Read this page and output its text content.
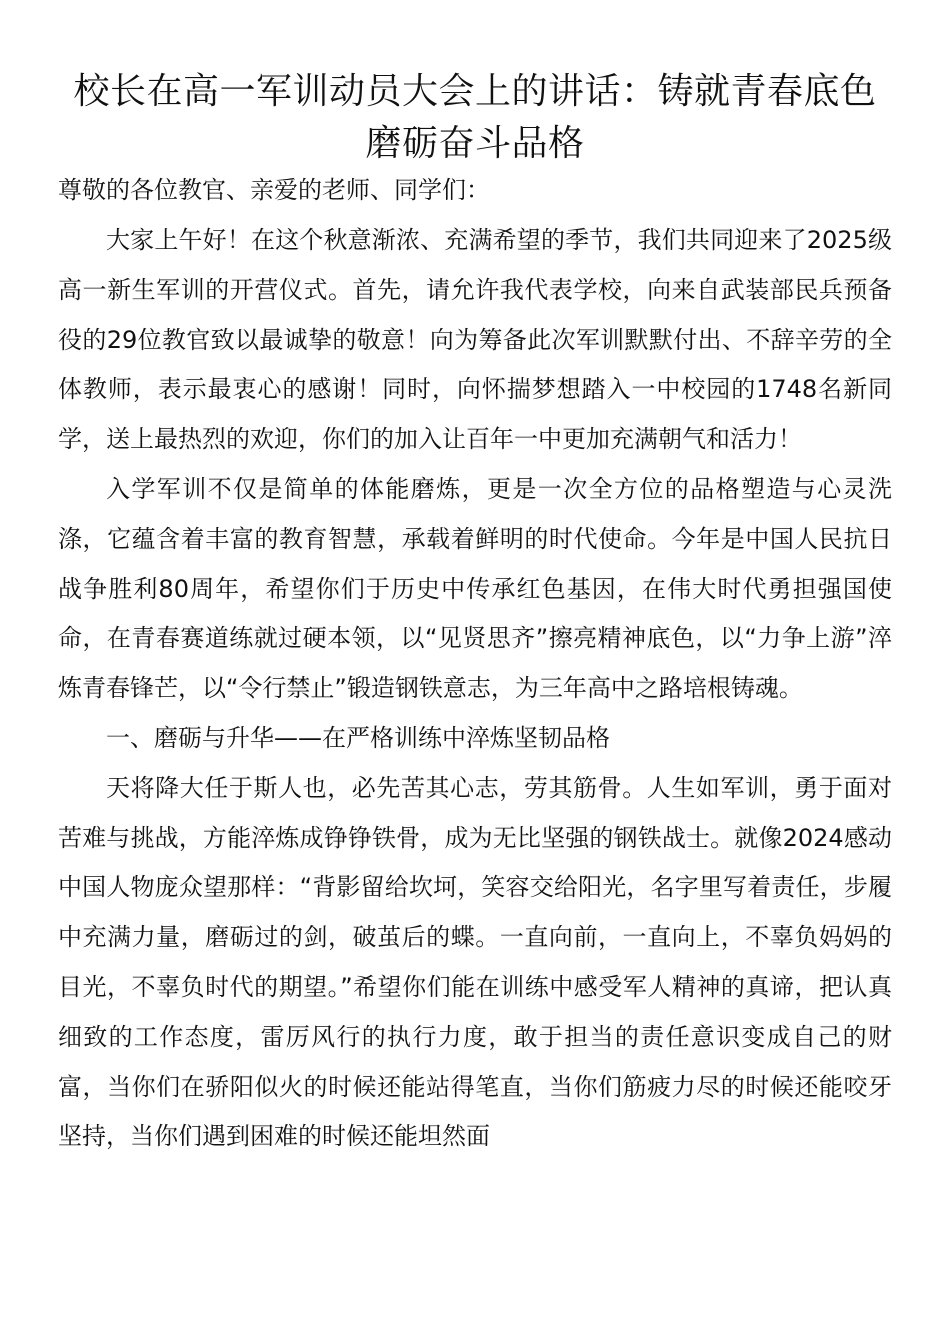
校长在高一军训动员大会上的讲话：铸就青春底色 磨砺奋斗品格

尊敬的各位教官、亲爱的老师、同学们：

大家上午好！在这个秋意渐浓、充满希望的季节，我们共同迎来了2025级高一新生军训的开营仪式。首先，请允许我代表学校，向来自武装部民兵预备役的29位教官致以最诚挚的敬意！向为筹备此次军训默默付出、不辞辛劳的全体教师，表示最衷心的感谢！同时，向怀揣梦想踏入一中校园的1748名新同学，送上最热烈的欢迎，你们的加入让百年一中更加充满朝气和活力！

入学军训不仅是简单的体能磨炼，更是一次全方位的品格塑造与心灵洗涤，它蕴含着丰富的教育智慧，承载着鲜明的时代使命。今年是中国人民抗日战争胜利80周年，希望你们于历史中传承红色基因，在伟大时代勇担强国使命，在青春赛道练就过硬本领，以“见贤思齐”擦亮精神底色，以“力争上游”淬炼青春锋芒，以“令行禁止”锻造钢铁意志，为三年高中之路培根铸魂。

一、磨砺与升华——在严格训练中淬炼坚韧品格

天将降大任于斯人也，必先苦其心志，劳其筋骨。人生如军训，勇于面对苦难与挑战，方能淬炼成铮铮铁骨，成为无比坚强的钢铁战士。就像2024感动中国人物庞众望那样：“背影留给坎坷，笑容交给阳光，名字里写着责任，步履中充满力量，磨砺过的剑，破茧后的蝶。一直向前，一直向上，不辜负妈妈的目光，不辜负时代的期望。”希望你们能在训练中感受军人精神的真谛，把认真细致的工作态度，雷厉风行的执行力度，敢于担当的责任意识变成自己的财富，当你们在骄阳似火的时候还能站得笔直，当你们筋疲力尽的时候还能咬牙坚持，当你们遇到困难的时候还能坦然面
